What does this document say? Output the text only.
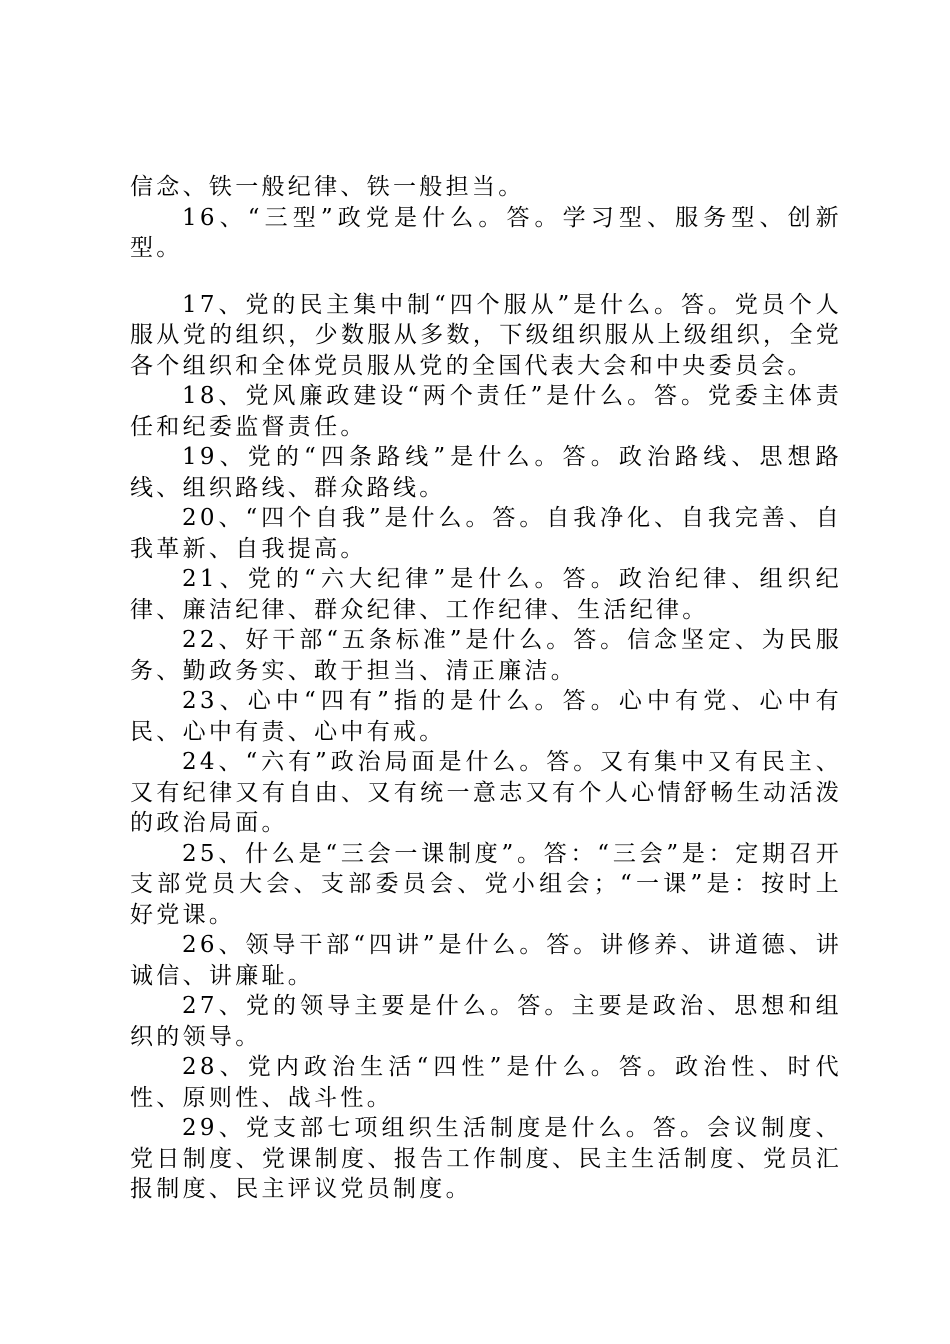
信念、铁一般纪律、铁一般担当。

16、“三型”政党是什么。答。学习型、服务型、创新型。

17、党的民主集中制“四个服从”是什么。答。党员个人服从党的组织，少数服从多数，下级组织服从上级组织，全党各个组织和全体党员服从党的全国代表大会和中央委员会。

18、党风廉政建设“两个责任”是什么。答。党委主体责任和纪委监督责任。

19、党的“四条路线”是什么。答。政治路线、思想路线、组织路线、群众路线。

20、“四个自我”是什么。答。自我净化、自我完善、自我革新、自我提高。

21、党的“六大纪律”是什么。答。政治纪律、组织纪律、廉洁纪律、群众纪律、工作纪律、生活纪律。

22、好干部“五条标准”是什么。答。信念坚定、为民服务、勤政务实、敢于担当、清正廉洁。

23、心中“四有”指的是什么。答。心中有党、心中有民、心中有责、心中有戒。

24、“六有”政治局面是什么。答。又有集中又有民主、又有纪律又有自由、又有统一意志又有个人心情舒畅生动活泼的政治局面。

25、什么是“三会一课制度”。答：“三会”是：定期召开支部党员大会、支部委员会、党小组会；“一课”是：按时上好党课。

26、领导干部“四讲”是什么。答。讲修养、讲道德、讲诚信、讲廉耻。

27、党的领导主要是什么。答。主要是政治、思想和组织的领导。

28、党内政治生活“四性”是什么。答。政治性、时代性、原则性、战斗性。

29、党支部七项组织生活制度是什么。答。会议制度、党日制度、党课制度、报告工作制度、民主生活制度、党员汇报制度、民主评议党员制度。
